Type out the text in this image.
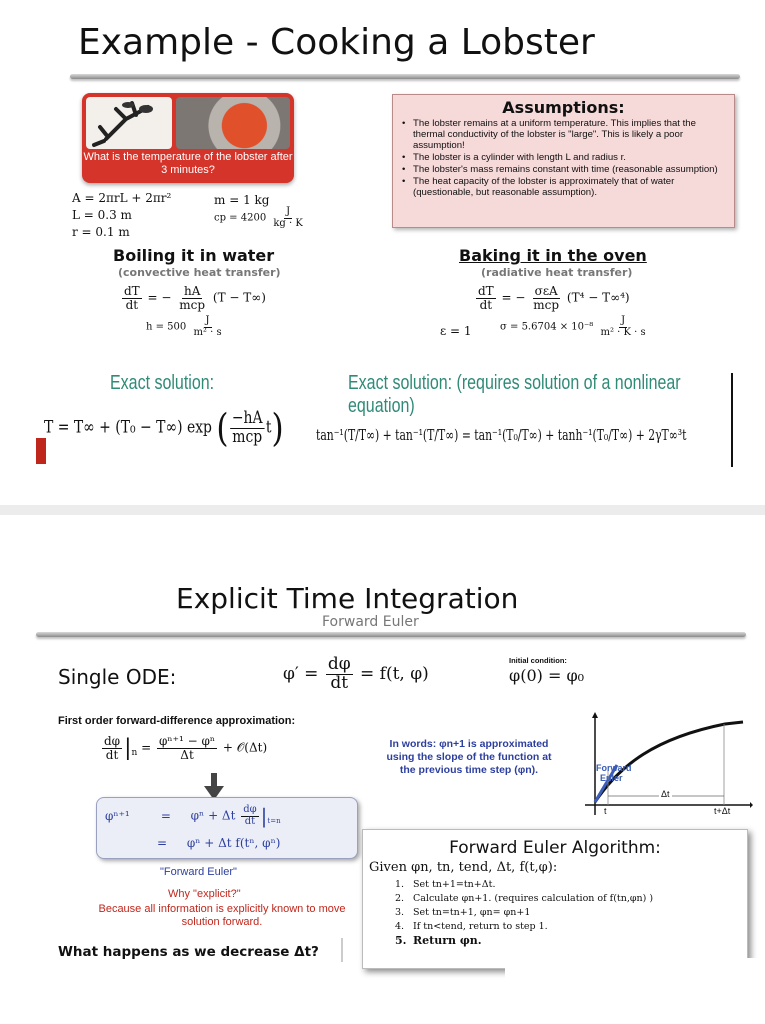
Example - Cooking a Lobster
What is the temperature of the lobster after 3 minutes?
Assumptions:
• The lobster remains at a uniform temperature. This implies that the thermal conductivity of the lobster is "large". This is likely a poor assumption!
• The lobster is a cylinder with length L and radius r.
• The lobster's mass remains constant with time (reasonable assumption)
• The heat capacity of the lobster is approximately that of water (questionable, but reasonable assumption).
A = 2πrL + 2πr²
L = 0.3 m
r = 0.1 m
m = 1 kg
cp = $4200 \frac{J}{kg \cdot K}$
Boiling it in water
(convective heat transfer)
$\frac{dT}{dt}$ = − $\frac{hA}{\text{mcp}} (T - T\infty)$
$h = 500 \frac{J}{\text{m² · s}}$
Baking it in the oven
(radiative heat transfer)
$\frac{dT}{dt}$ = − $\frac{\text{σεA}}{\text{mcp}} (T^4 - T\infty^4)$
ε = 1	$\sigma = 5.6704 \times 10^{-8} \frac{J}{\text{m² · K · s}}$
Exact solution:
T = T∞ + (T₀ − T∞) exp ( $\frac{-hA}{\text{mcp}} t$)
Exact solution: (requires solution of a nonlinear equation)
tan⁻¹(T/T∞) + tan⁻¹(T/T∞) = tan⁻¹(T₀/T∞) + tanh⁻¹(T₀/T∞) + 2γT∞³t
Explicit Time Integration
Forward Euler
Single ODE:	$\varphi' = \frac{d\varphi}{dt} = f(t$, φ)
Initial condition:
φ(0) = φ₀
First order forward-difference approximation:
$\frac{d\varphi}{dt} |_n = \frac{\text{φⁿ⁺¹ − φⁿ}}{\Delta t}$ + 𝒪(Δt)
φⁿ⁺¹	= φⁿ + Δt $\frac{d\varphi}{dt} |_{t=n}$
= φⁿ + Δt f(tⁿ, φⁿ)
"Forward Euler"
Why "explicit?"
Because all information is explicitly known to move solution forward.
In words: φn+1 is approximated using the slope of the function at the previous time step (φn).	Forward
Euler
Δt
t	t+Δt
Forward Euler Algorithm:
Given φn, tn, tend, Δt, f(t,φ):
1. Set tn+1=tn+Δt.
2. Calculate φn+1. (requires calculation of f(tn,φn) )
3. Set tn=tn+1, φn= φn+1
4. If tn<tend, return to step 1.
5. Return φn.
What happens as we decrease Δt?
